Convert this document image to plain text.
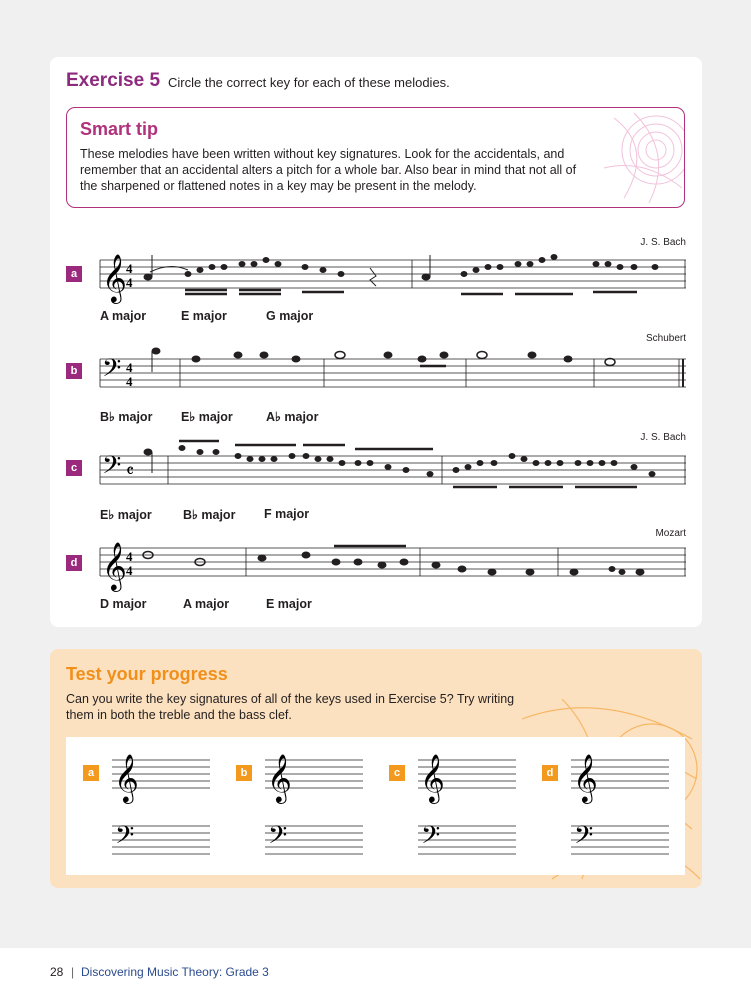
Exercise 5 Circle the correct key for each of these melodies.
Smart tip
These melodies have been written without key signatures. Look for the accidentals, and remember that an accidental alters a pitch for a whole bar. Also bear in mind that not all of the sharpened or flattened notes in a key may be present in the melody.
J. S. Bach
a 𝄞 4
4
A major	E major	G major
Schubert
b 𝄢 4
4
B♭ major E♭ major	A♭ major
J. S. Bach
c 𝄢 𝄴
E♭ major	B♭ major F major
Mozart
d 𝄞 4
4
D major	A major	E major
Test your progress
Can you write the key signatures of all of the keys used in Exercise 5? Try writing them in both the treble and the bass clef.
a	b	c	d
𝄞
𝄢
𝄞
𝄢
𝄞
𝄢
𝄞
𝄢
28 | Discovering Music Theory: Grade 3
